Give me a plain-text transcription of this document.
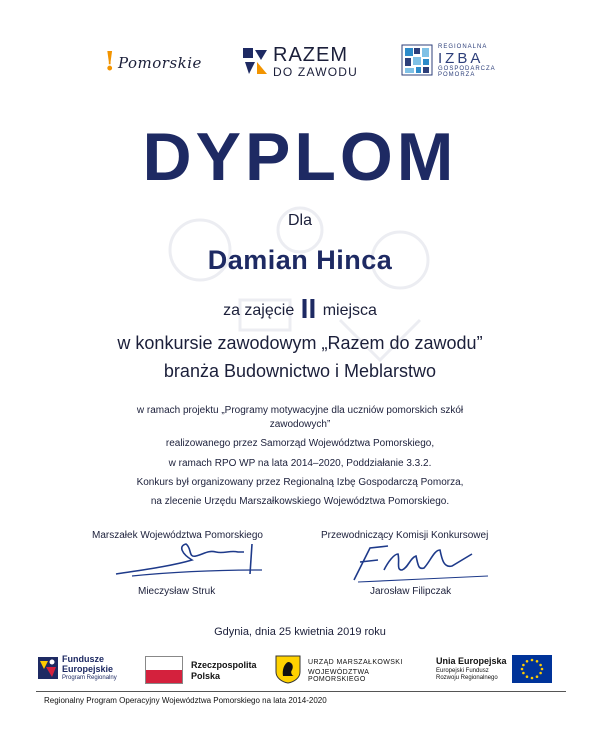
! Pomorskie	RAZEM
DO ZAWODU
REGIONALNA
IZBA
GOSPODARCZA
POMORZA
DYPLOM
Dla
Damian Hinca
za zajęcie II miejsca
w konkursie zawodowym „Razem do zawodu”
branża Budownictwo i Meblarstwo
w ramach projektu „Programy motywacyjne dla uczniów pomorskich szkół
zawodowych”
realizowanego przez Samorząd Województwa Pomorskiego,
w ramach RPO WP na lata 2014–2020, Poddziałanie 3.3.2.
Konkurs był organizowany przez Regionalną Izbę Gospodarczą Pomorza,
na zlecenie Urzędu Marszałkowskiego Województwa Pomorskiego.
Marszałek Województwa Pomorskiego
Mieczysław Struk
Przewodniczący Komisji Konkursowej
Jarosław Filipczak
Gdynia, dnia 25 kwietnia 2019 roku
Fundusze
Europejskie
Program Regionalny
Rzeczpospolita
Polska
URZĄD MARSZAŁKOWSKI
WOJEWÓDZTWA POMORSKIEGO
Unia Europejska
Europejski Fundusz
Rozwoju Regionalnego
Regionalny Program Operacyjny Województwa Pomorskiego na lata 2014-2020
